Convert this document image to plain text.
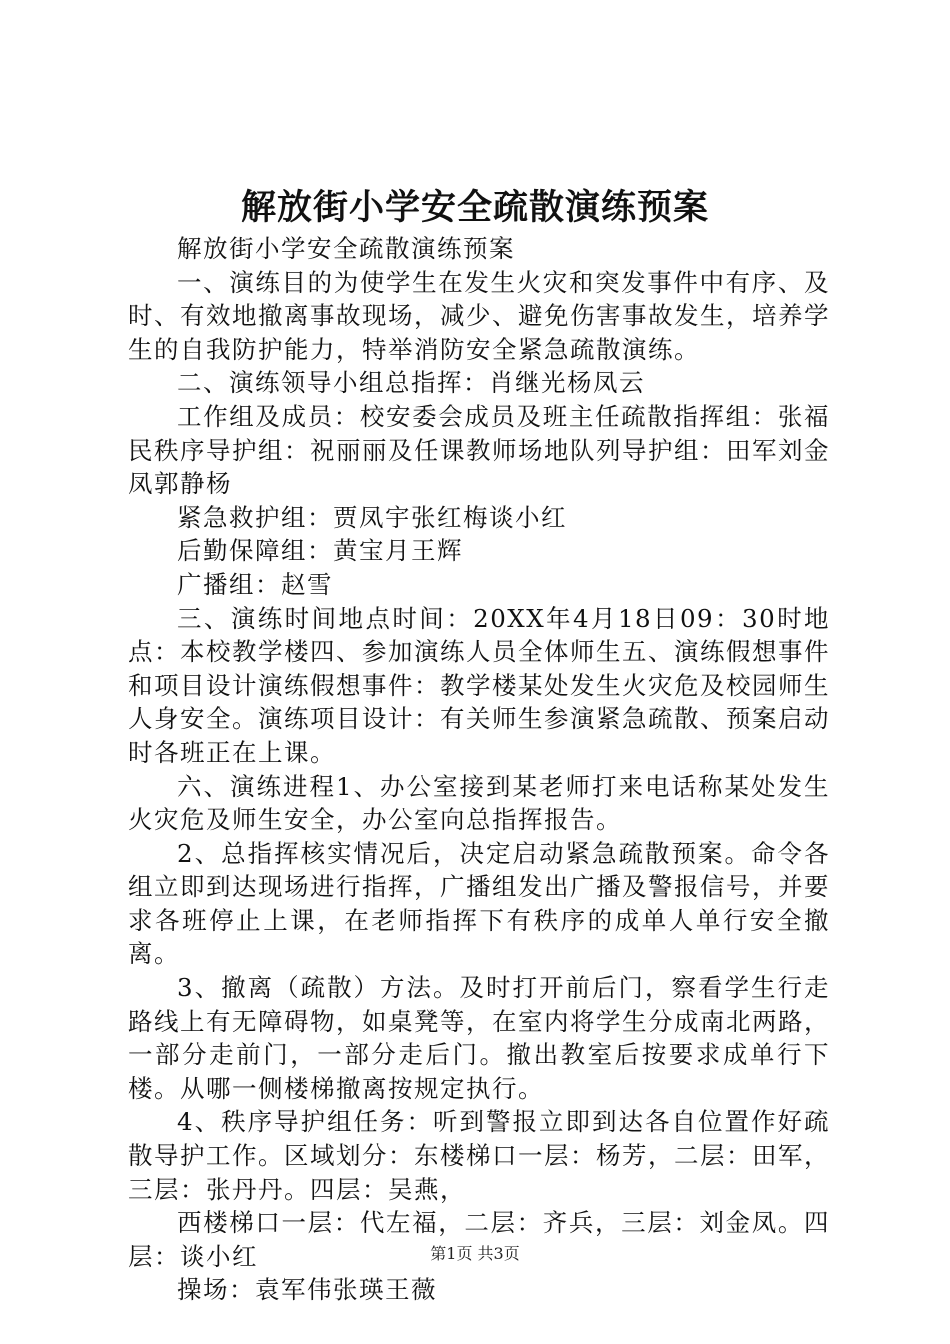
解放街小学安全疏散演练预案

解放街小学安全疏散演练预案

一、演练目的为使学生在发生火灾和突发事件中有序、及时、有效地撤离事故现场，减少、避免伤害事故发生，培养学生的自我防护能力，特举消防安全紧急疏散演练。

二、演练领导小组总指挥：肖继光杨凤云

工作组及成员：校安委会成员及班主任疏散指挥组：张福民秩序导护组：祝丽丽及任课教师场地队列导护组：田军刘金凤郭静杨

紧急救护组：贾凤宇张红梅谈小红

后勤保障组：黄宝月王辉

广播组：赵雪

三、演练时间地点时间：20XX年4月18日09：30时地点：本校教学楼四、参加演练人员全体师生五、演练假想事件和项目设计演练假想事件：教学楼某处发生火灾危及校园师生人身安全。演练项目设计：有关师生参演紧急疏散、预案启动时各班正在上课。

六、演练进程1、办公室接到某老师打来电话称某处发生火灾危及师生安全，办公室向总指挥报告。

2、总指挥核实情况后，决定启动紧急疏散预案。命令各组立即到达现场进行指挥，广播组发出广播及警报信号，并要求各班停止上课，在老师指挥下有秩序的成单人单行安全撤离。

3、撤离（疏散）方法。及时打开前后门，察看学生行走路线上有无障碍物，如桌凳等，在室内将学生分成南北两路，一部分走前门，一部分走后门。撤出教室后按要求成单行下楼。从哪一侧楼梯撤离按规定执行。

4、秩序导护组任务：听到警报立即到达各自位置作好疏散导护工作。区域划分：东楼梯口一层：杨芳，二层：田军，三层：张丹丹。四层：吴燕，

西楼梯口一层：代左福，二层：齐兵，三层：刘金凤。四层：谈小红

操场：袁军伟张瑛王薇

第1页 共3页
